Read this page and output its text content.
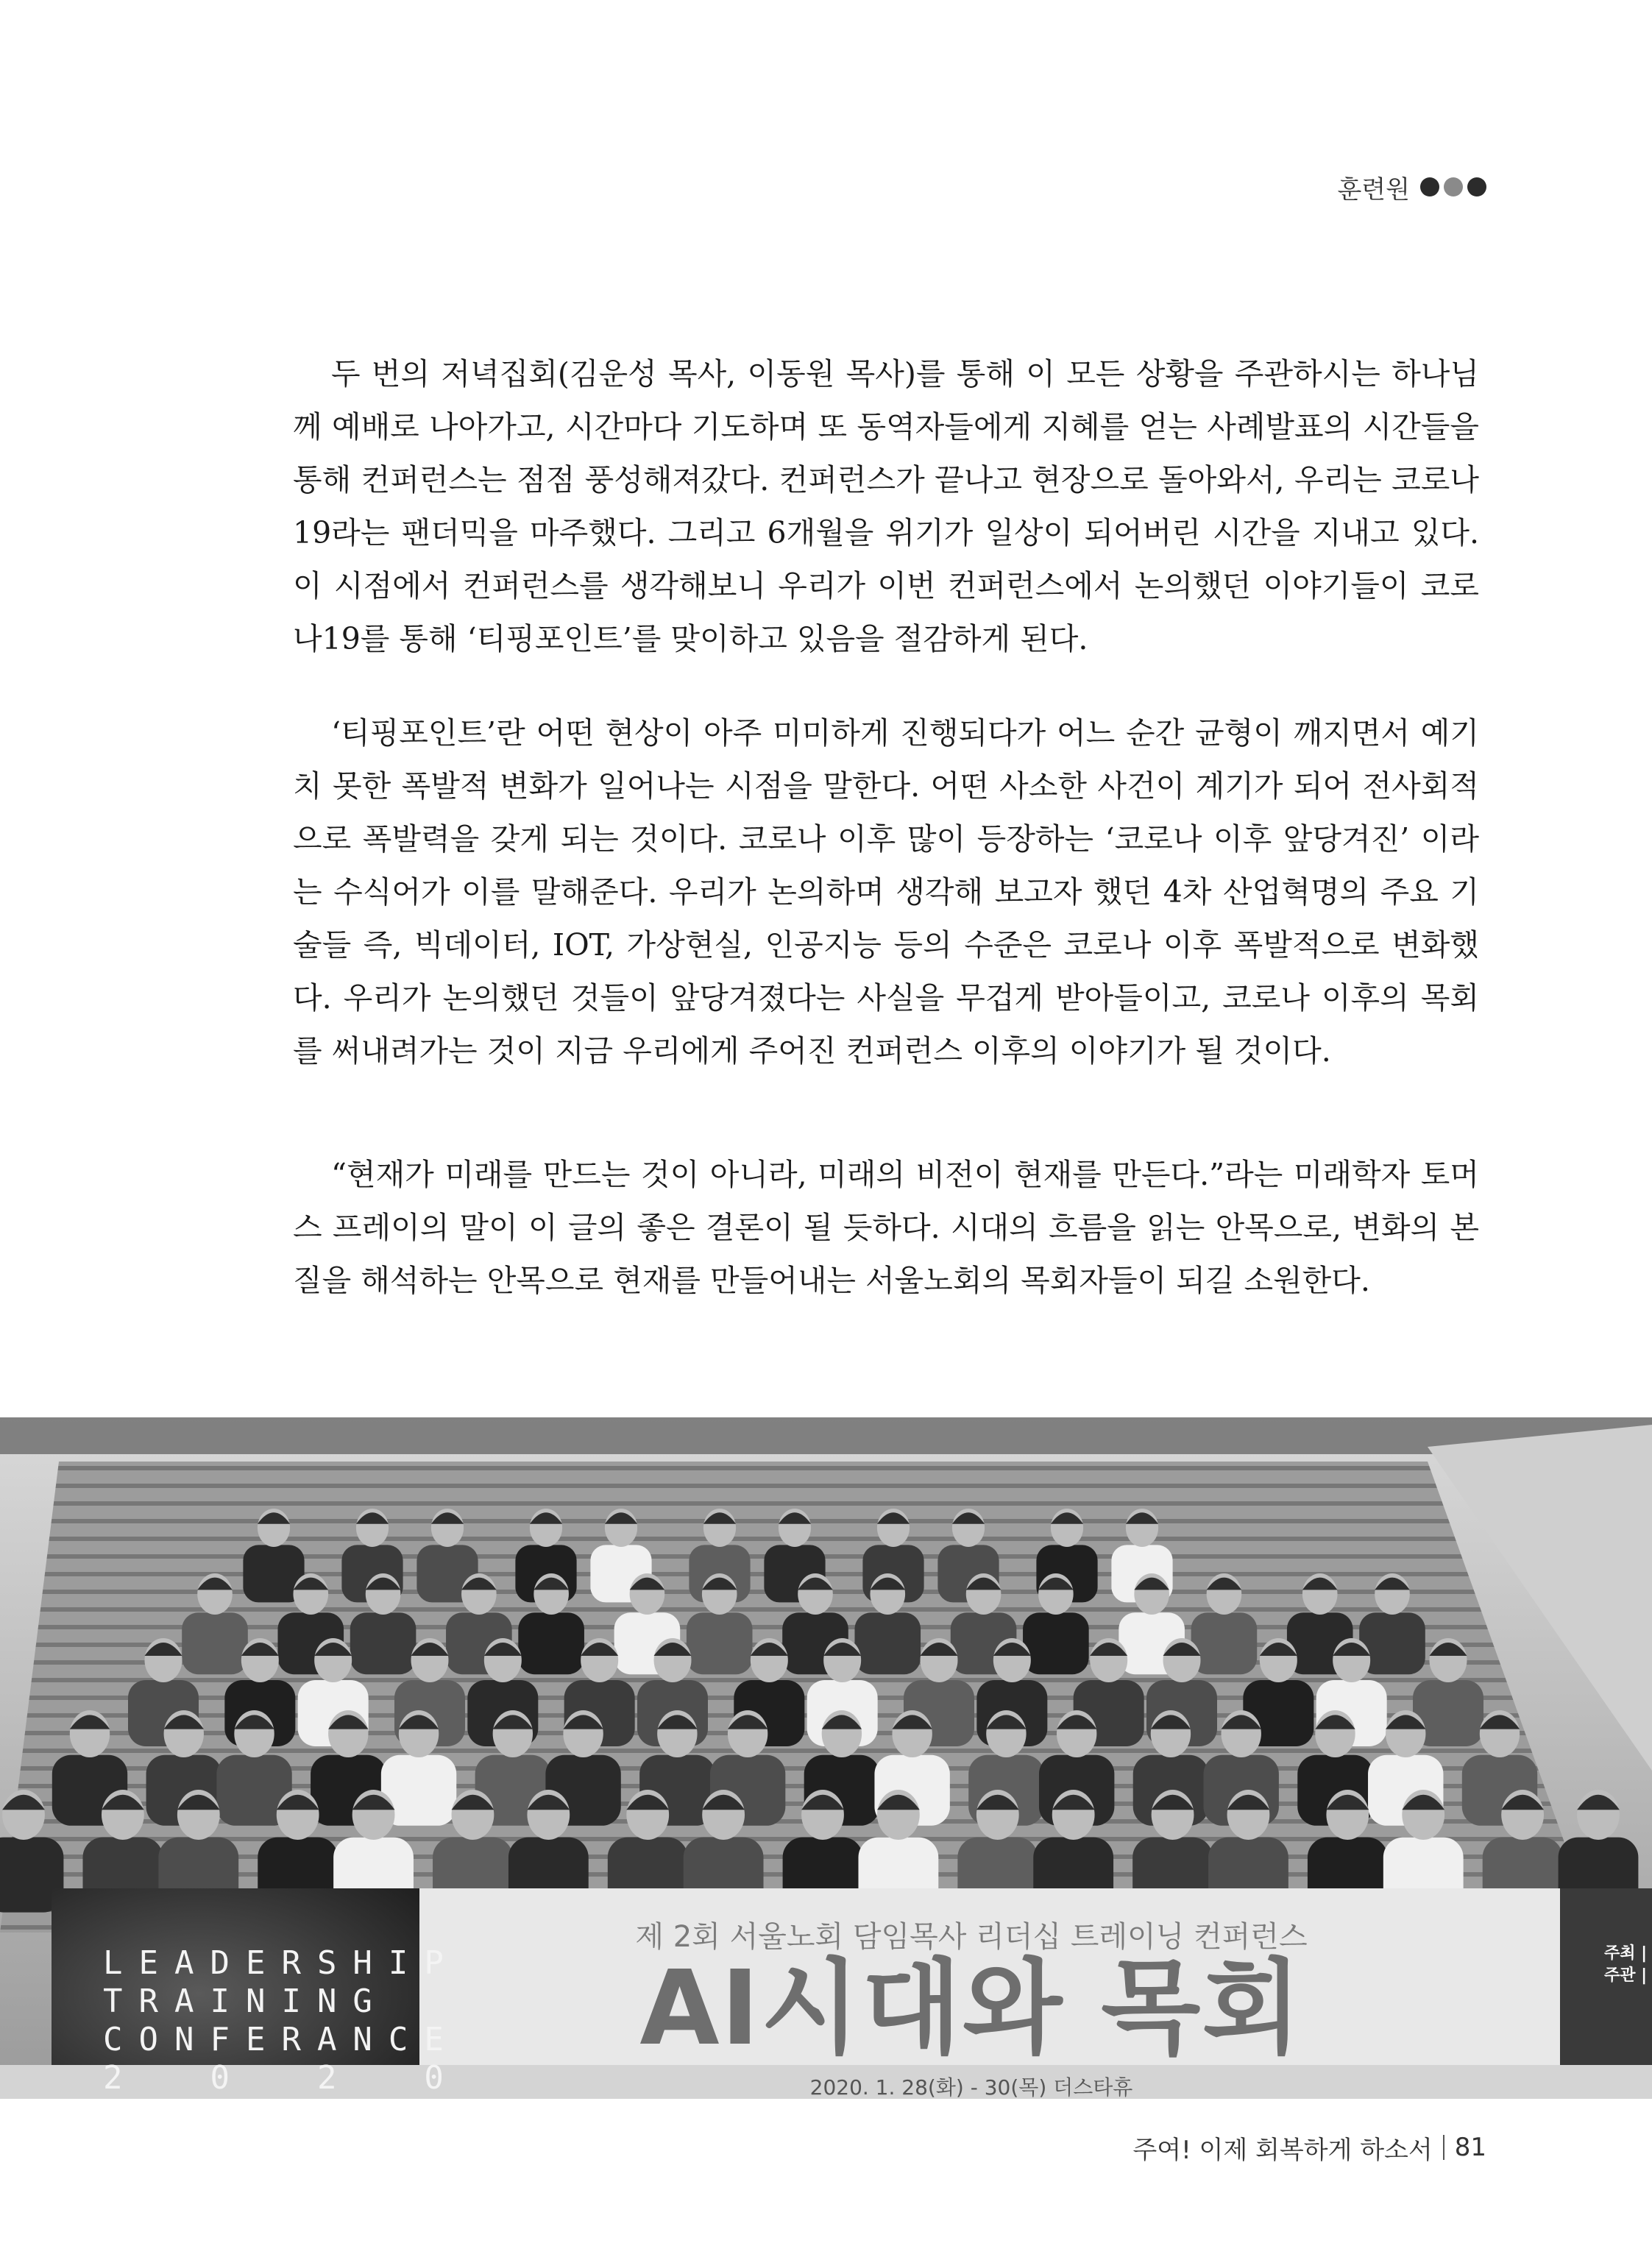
훈련원

두 번의 저녁집회(김운성 목사, 이동원 목사)를 통해 이 모든 상황을 주관하시는 하나님께 예배로 나아가고, 시간마다 기도하며 또 동역자들에게 지혜를 얻는 사례발표의 시간들을 통해 컨퍼런스는 점점 풍성해져갔다. 컨퍼런스가 끝나고 현장으로 돌아와서, 우리는 코로나19라는 팬더믹을 마주했다. 그리고 6개월을 위기가 일상이 되어버린 시간을 지내고 있다. 이 시점에서 컨퍼런스를 생각해보니 우리가 이번 컨퍼런스에서 논의했던 이야기들이 코로나19를 통해 ‘티핑포인트’를 맞이하고 있음을 절감하게 된다.

‘티핑포인트’란 어떤 현상이 아주 미미하게 진행되다가 어느 순간 균형이 깨지면서 예기치 못한 폭발적 변화가 일어나는 시점을 말한다. 어떤 사소한 사건이 계기가 되어 전사회적으로 폭발력을 갖게 되는 것이다. 코로나 이후 많이 등장하는 ‘코로나 이후 앞당겨진’ 이라는 수식어가 이를 말해준다. 우리가 논의하며 생각해 보고자 했던 4차 산업혁명의 주요 기술들 즉, 빅데이터, IOT, 가상현실, 인공지능 등의 수준은 코로나 이후 폭발적으로 변화했다. 우리가 논의했던 것들이 앞당겨졌다는 사실을 무겁게 받아들이고, 코로나 이후의 목회를 써내려가는 것이 지금 우리에게 주어진 컨퍼런스 이후의 이야기가 될 것이다.

“현재가 미래를 만드는 것이 아니라, 미래의 비전이 현재를 만든다.”라는 미래학자 토머스 프레이의 말이 이 글의 좋은 결론이 될 듯하다. 시대의 흐름을 읽는 안목으로, 변화의 본질을 해석하는 안목으로 현재를 만들어내는 서울노회의 목회자들이 되길 소원한다.

LEADERSHIP
TRAINING
CONFERANCE
2  0  2
제 2회 서울노회 담임목사 리더십 트레이닝 컨퍼런스
AI시대와 목회
2020. 1. 28(화) - 30(목) 더스타휴
주최 | 주관 |
주여! 이제 회복하게 하소서 81
